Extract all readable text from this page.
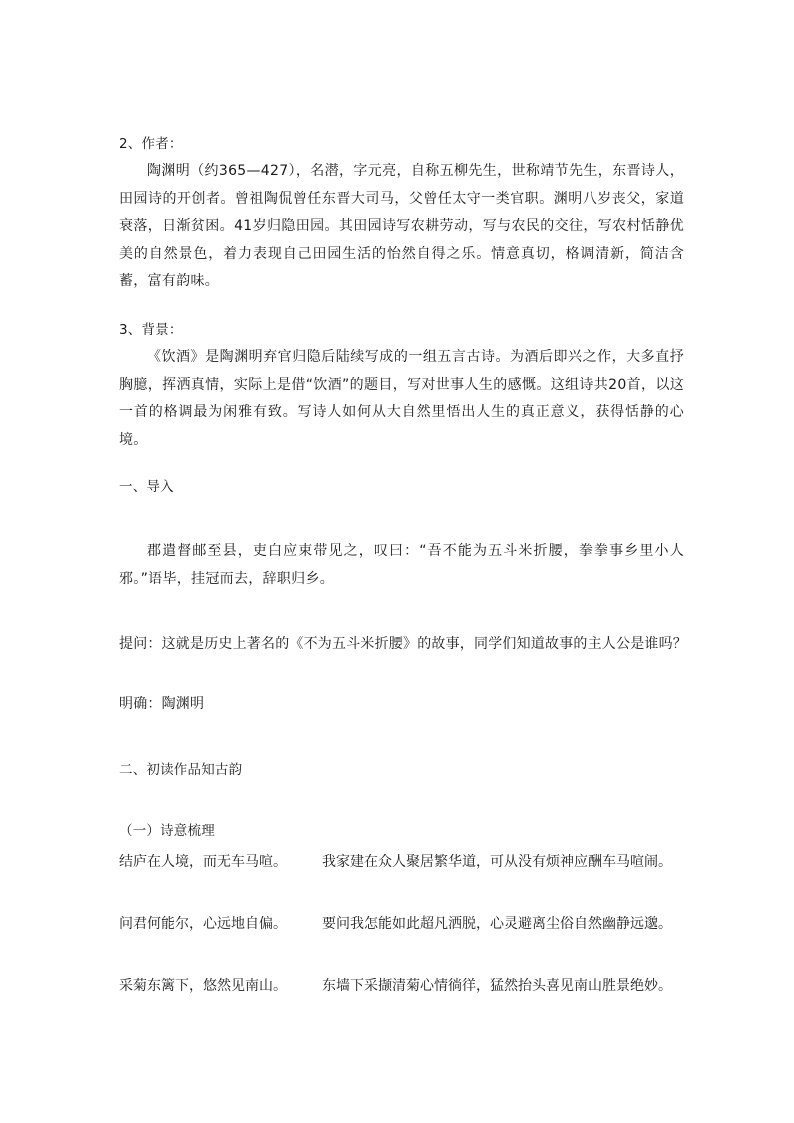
2、作者：
陶渊明（约365—427），名潜，字元亮，自称五柳先生，世称靖节先生，东晋诗人，田园诗的开创者。曾祖陶侃曾任东晋大司马，父曾任太守一类官职。渊明八岁丧父，家道衰落，日渐贫困。41岁归隐田园。其田园诗写农耕劳动，写与农民的交往，写农村恬静优美的自然景色，着力表现自己田园生活的怡然自得之乐。情意真切，格调清新，简洁含蓄，富有韵味。
3、背景：
《饮酒》是陶渊明弃官归隐后陆续写成的一组五言古诗。为酒后即兴之作，大多直抒胸臆，挥洒真情，实际上是借“饮酒”的题目，写对世事人生的感慨。这组诗共20首，以这一首的格调最为闲雅有致。写诗人如何从大自然里悟出人生的真正意义，获得恬静的心境。
一、导入
郡遣督邮至县，吏白应束带见之，叹曰：“吾不能为五斗米折腰，拳拳事乡里小人邪。”语毕，挂冠而去，辞职归乡。
提问：这就是历史上著名的《不为五斗米折腰》的故事，同学们知道故事的主人公是谁吗？
明确：陶渊明
二、初读作品知古韵
（一）诗意梳理
结庐在人境，而无车马喧。	我家建在众人聚居繁华道，可从没有烦神应酬车马喧闹。
问君何能尔，心远地自偏。	要问我怎能如此超凡洒脱，心灵避离尘俗自然幽静远邈。
采菊东篱下，悠然见南山。	东墙下采撷清菊心情徜徉，猛然抬头喜见南山胜景绝妙。
